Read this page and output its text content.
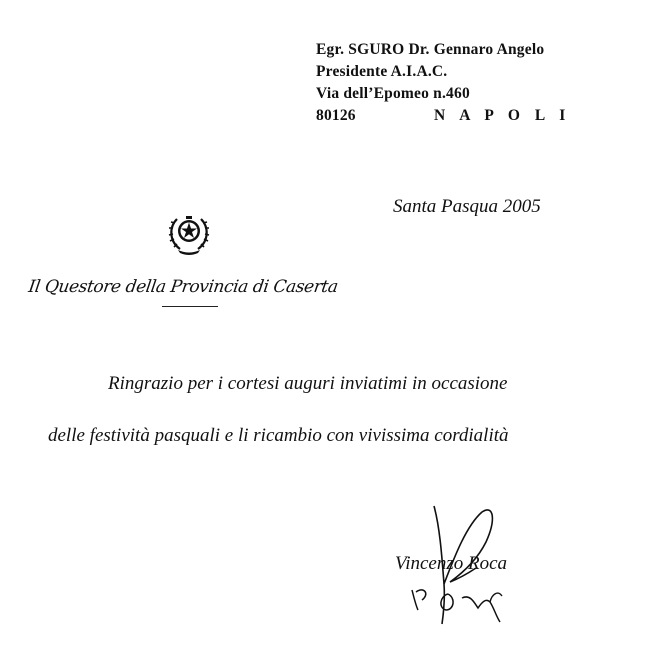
Egr. SGURO Dr. Gennaro Angelo
Presidente A.I.A.C.
Via dell’Epomeo n.460
80126	N A P O L I
Santa Pasqua 2005
Il Questore della Provincia di Caserta
Ringrazio per i cortesi auguri inviatimi in occasione
delle festività pasquali e li ricambio con vivissima cordialità
Vincenzo Roca
